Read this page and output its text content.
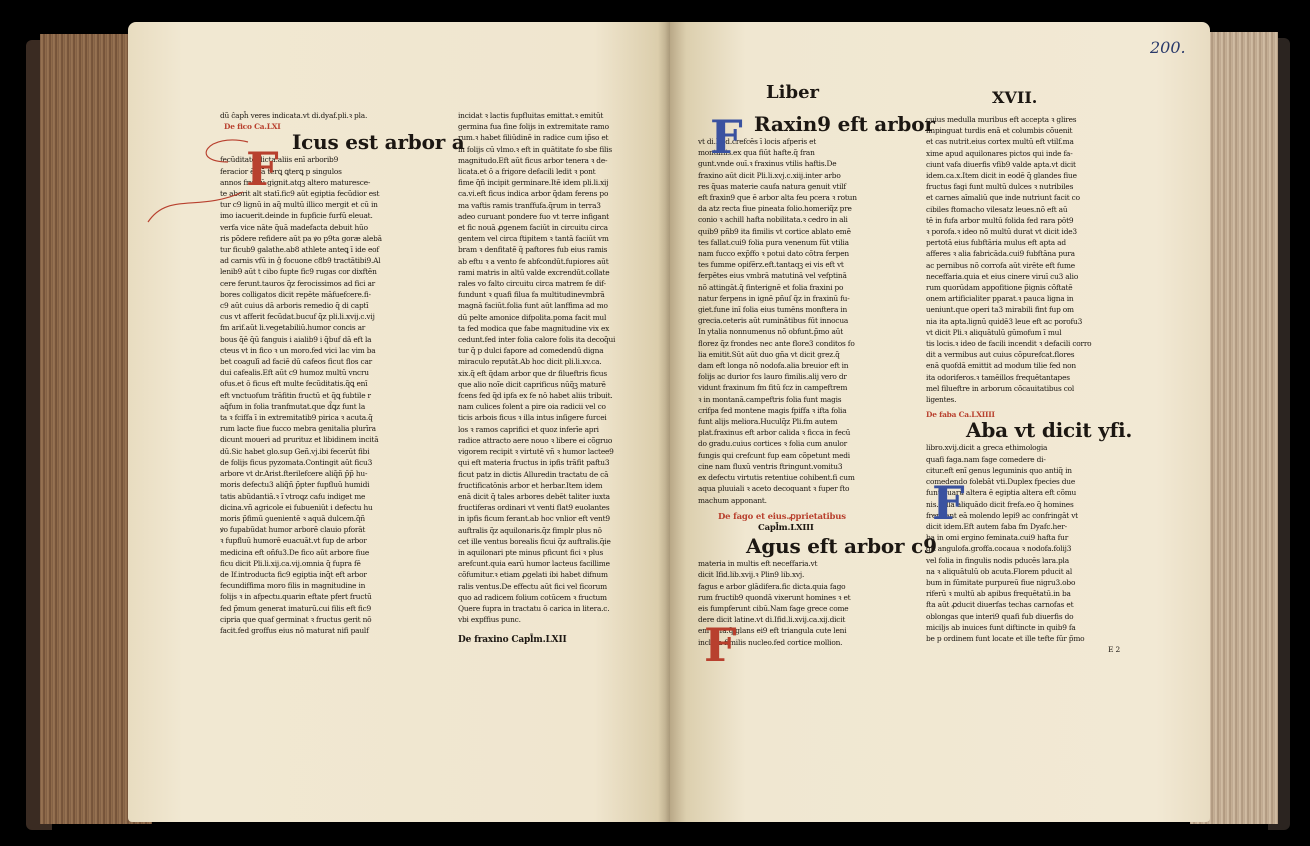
dũ ĉapĥ veres indicata.vt di.dyaf.pli.ꝛ pla.

De fico Ca.LXI

Icus est arbor a

fecũditate dicta.aliis enī arborib9

feracior ē.nā terꝗ ꝗterꝗ p singulos

annos fructū gignit.atqꝫ altero maturesce-

te aborit alt statī.fic9 aūt egiptia fecũdior est

tur c9 lignū in aq̃ multū illico mergit et cū in

imo iacuerit.deinde in fupficie furfū eleuat.

verfa vice nāte q̃uā madefacta debuit hūo

ris põdere refidere aūt pa ꝟo p9ta goræ alebā

tur ficub9 galathe.ab8 athlete anteꝗ ī ide eof

ad carnis vfū in ĝ focuone c8b9 tractātibi9.Al

lenib9 aūt t cibo fupte fic9 rugas cor dixftēn

cere ferunt.tauros q̃z ferocissimos ad fici ar

bores colligatos dicit repēte māfuefcere.fi-

c9 aūt cuius dā arboris remedio q̃ di captī

cus vt afferit fecũdat.bucuf q̃z pli.li.xvij.c.vij

fm arif.aūt li.vegetabiliū.humor concis ar

bous q̃ē q̃ū fanguis i aialib9 i q̃buf dā eft la

cteus vt in fico ꝛ un moro.fed vici lac vim ba

bet coagulī ad faciē dū cafeos ficut flos car

dui cafealis.Eft aūt c9 humoz multū vncru

ofus.et ō ficus eft multe fecũditatis.q̃ꝗ enī

eft vnctuofum trāfitin fructū et q̃ꝗ fubtile r

aq̃fum in folia tranfmutat.que d̃ꝗz funt la

ta ꝛ fciffa ī in extremitatib9 pirica ꝛ acuta.q̃

rum lacte fiue fucco mebra genitalia plurīra

dicunt moueri ad prurituz et libidinem incitā

dū.Sic habet glo.sup Geñ.vj.ibi fecerūt fibi

de folijs ficus pyzomata.Contingit aūt ficu3

arbore vt dr.Arist.fterilefcere aliq̃ñ p̃p̃ hu-

moris defectu3 aliq̃ñ p̃pter fupfluū humidi

tatis abũdantiā.ꝛ ĩ vtroꝗz cafu indiget me

dicina.vñ agricole ei fubueniūt i defectu hu

moris p̃fimū ꝯuenientē ꝛ aquā dulcem.q̃ñ

ꝟo fupabũdat humor arborē clauio pforāt

ꝛ fupfluū humorē euacuāt.vt fup de arbor

medicina eft oñfu3.De fico aūt arbore fiue

ficu dicit Pli.li.xij.ca.vij.omnia q̃ fupra fē

de If.introducta fic9 egiptia inq̃t eft arbor

fecundiffima moro filis in magnitudine in

folijs ꝛ in afpectu.quarin eftate pfert fructū

fed p̃mum generat imaturū.cui filis eft fic9

cipria que quaf germinat ꝛ fructus gerit nō

facit.fed groffus eius nō maturat nifi paulf

F

incidat ꝛ lactis fupfluitas emittat.ꝛ emitūt

germina fua fine folijs in extremitate ramo

rum.ꝛ habet filiūdinē in radice cum ip̃so et

in folijs cū vlmo.ꝛ eft in quātitate fo sbe filis

magnitudo.Eft aūt ficus arbor tenera ꝛ de-

licata.et ō a frigore defacili ledit ꝛ pont

fime q̃ñ incipit germinare.Itē idem pli.li.xij

ca.vi.eft ficus indica arbor q̃dam ferens po

ma vaftis ramis tranffufa.q̃rum in terra3

adeo curuant pondere fuo vt terre infigant

et fic nouā ꝓgenem faciūt in circuitu circa

gentem vel circa ftipitem ꝛ tantā faciūt vm

bram ꝛ denfitatē q̃ paftores fub eius ramis

ab eftu ꝛ a vento fe abfcondūt.fupiores aūt

rami matris in altū valde excrendūt.collate

rales vo falto circuitu circa matrem fe dif-

fundunt ꝛ quafi filua fa multitudinevmbrā

magnā faciūt.folia funt aūt lanffima ad mo

dū pelte amonice difpolita.poma facit mul

ta fed modica que fabe magnitudine vix ex

cedunt.fed inter folia calore folis ita decoq̃ui

tur q̃ p dulci fapore ad comedendū digna

miraculo reputāt.Ab hoc dicit pli.li.xv.ca.

xix.q̃ eft q̃dam arbor que dr filueftris ficus

que alio noĩe dicit caprificus nūq̃ꝫ maturē

fcens fed q̃d ipfa ex fe nō habet aliis tribuit.

nam culices folent a pire oia radicii vel co

ticis arbois ficus ꝛ illa intus inſigere furcei

los ꝛ ramos caprifici et quoz inferīe apri

radice attracto aere nouo ꝛ libere ei cõgruo

vigorem recipit ꝛ virtutē vñ ꝛ humor lactee9

qui eft materia fructus in ipfis trāfit paftu3

ficut patz in dictis Alluredin tractatu de cā

fructificatōnis arbor et herbar.Item idem

enā dicit q̃ tales arbores debēt taliter iuxta

fructiferas ordinari vt venti flat9 euolantes

in ipfis ficum ferant.ab hoc vnlior eft vent9

auftralis q̃z aquilonaris.q̃z fimplr plus nō

cet ille ventus borealis ficui q̃z auftralis.q̃ie

in aquilonari pte minus pficunt fici ꝛ plus

arefcunt.quia earū humor lacteus facillime

cõfumitur.ꝛ etiam ꝓgelati ibi habet difnum

ralis ventus.De effectu aūt fici vel ficorum

quo ad radicem folium cotūcem ꝛ fructum

Quere fupra in tractatu ō carica in litera.c.

vbi expffius punc.

De fraxino Capl̄m.LXII

Liber	XVII.
200.

Raxin9 eft arbor

vt di.Ifi.d.crefcēs ī locis afperis et

montanis.ex qua fiūt hafte.q̃ fran

gunt.vnde ouī.ꝛ fraxinus vtilis haftis.De

fraxino aūt dicit Pli.li.xvj.c.xiij.inter arbo

res q̃uas materie caufa natura genuit vtilf

eft fraxin9 que ē arbor alta feu pcera ꝛ rotun

da atz recta fiue pineata folio.homeriq̃z pre

conio ꝛ achill hafta nobilitata.ꝛ cedro in ali

quib9 pñb9 ita fimilis vt cortice ablato emē

tes fallat.cui9 folia pura venenum fūt vtilia

nam fucco exp̃ffo ꝛ potui dato cõtra ferpen

tes fumme opifērz.eft.tantaqꝫ ei vis eft vt

ferpētes eius vmbrā matutinā vel vefptinā

nõ attingāt.q̃ finterignē et folia fraxini po

natur ferpens in ignē pñuſ q̃z in fraxinū fu-

giet.fune inī folia eius tumēns monftera in

grecia.ceteris aūt ruminātibus fūt innocua

In ytalia nonnumenus nõ obfunt.p̃mo aūt

florez q̃z frondes nec ante flore3 conditos fo

lia emitit.Sūt aūt duo gña vt dicit grez.q̃

dam eft longa nõ nodofa.alia breuior eft in

folijs ac durior fcs lauro fimilis.alij vero dr

vidunt fraxinum fm fitū fcz in campeftrem

ꝛ in montanā.campeftris folia funt magis

crifpa fed montene magis fpiffa ꝛ ifta folia

funt alijs meliora.Huculq̃z Pli.fm autem

plat.fraxinus eft arbor calida ꝛ ficca in fecū

do gradu.cuius cortices ꝛ folia cum anulor

fungis qui crefcunt fup eam cõpetunt medi

cine nam fluxū ventris ftringunt.vomitu3

ex defectu virtutis retentiue cohibent.fi cum

aqua pluuiali ꝛ aceto decoquant ꝛ fuper fto

machum apponant.

De fago et eius.ꝓprietatibus

Capl̄m.LXIII

Agus eft arbor c9

materia in multis eft neceffaria.vt

dicit Ifid.lib.xvij.ꝛ Plin9 lib.xvj.

fagus e arbor glādifera.fic dicta.quia fago

rum fructib9 quondā vixerunt homines ꝛ et

eis fumpferunt cibū.Nam fage grece come

dere dicit latine.vt di.Ifid.li.xvij.ca.xij.dicit

enī ficfa.q̃ glans ei9 eft triangula cute leni

inclufa fimilis nucleo.fed cortice mollion.

F
F

cuius medulla muribus eft accepta ꝛ glires

impinguat turdis enā et columbis cõuenit

et cas nutrit.eius cortex multū eft vtilf.ma

xime apud aquilonares pictos qui inde fa-

ciunt vafa diuerfis vfib9 valde apta.vt dicit

idem.ca.x.Item dicit in eodē q̃ glandes fiue

fructus fagi funt multū dulces ꝛ nutribiles

et carnes aīmaliū que inde nutriunt facit co

cibiles ftomacho vilesatz leues.nõ eft aū

tē in fufa arbor multū folida fed rara pōt9

ꝛ porofa.ꝛ ideo nõ multū durat vt dicit ide3

pertotā eius fubftāria mulus eft apta ad

afferes ꝛ alia fabricāda.cui9 fubftāna pura

ac pernibus nõ corrofa aūt virēte eft fume

neceffaria.quia et eius cinere viruī cu3 alio

rum quorūdam appofitione p̃ignis cõftatē

onem artificialiter pparat.ꝛ pauca ligna in

ueniunt.que operi ta3 mirabili fint fup om

nia ita apta.lignū quidē3 leue eft ac porofu3

vt dicit Pli.ꝛ aliquātulū gūmofum ī mul

tis locis.ꝛ ideo de facili incendit ꝛ defacili corro

dit a vermibus aut cuius cõpurefcat.flores

enā quofdā emittit ad modum tilie fed non

ita odoriferos.ꝛ tamēillos frequētantapes

mel filueftre in arborum cõcauitatibus col

ligentes.

De faba Ca.LXIIII

Aba vt dicit yfi.

libro.xvij.dicit a greca ethimologia

quafi faga.nam fage comedere di-

citur.eft enī genus leguminis quo antiq̃ in

comedendo folebāt vti.Duplex fpecies due

funt.quarū altera ē egiptia altera eft cõmu

nis.ꝛ illa aliquādo dicit frefa.eo q̃ homines

frendant eā molendo lepi9 ac confringāt vt

dicit idem.Eft autem faba fm Dyafc.her-

ba in omi ergino feminata.cui9 hafta fur

git angulofa.groffa.cocaua ꝛ nodofa.folij3

vel folia in fingulis nodis pducēs lara.pla

na ꝛ aliquātulū ob acuta.Florem pducit al

bum in fūmitate purpureū fiue nigru3.obo

riferū ꝛ multū ab apibus frequētatū.in ba

fta aūt ꝓducit diuerfas techas carnofas et

oblongas que interi9 quafi fub diuerfis do

miciljs ab inuices funt diftincte in quib9 fa

be p ordinem funt locate et ille tefte fūr p̃mo

E 2

F
